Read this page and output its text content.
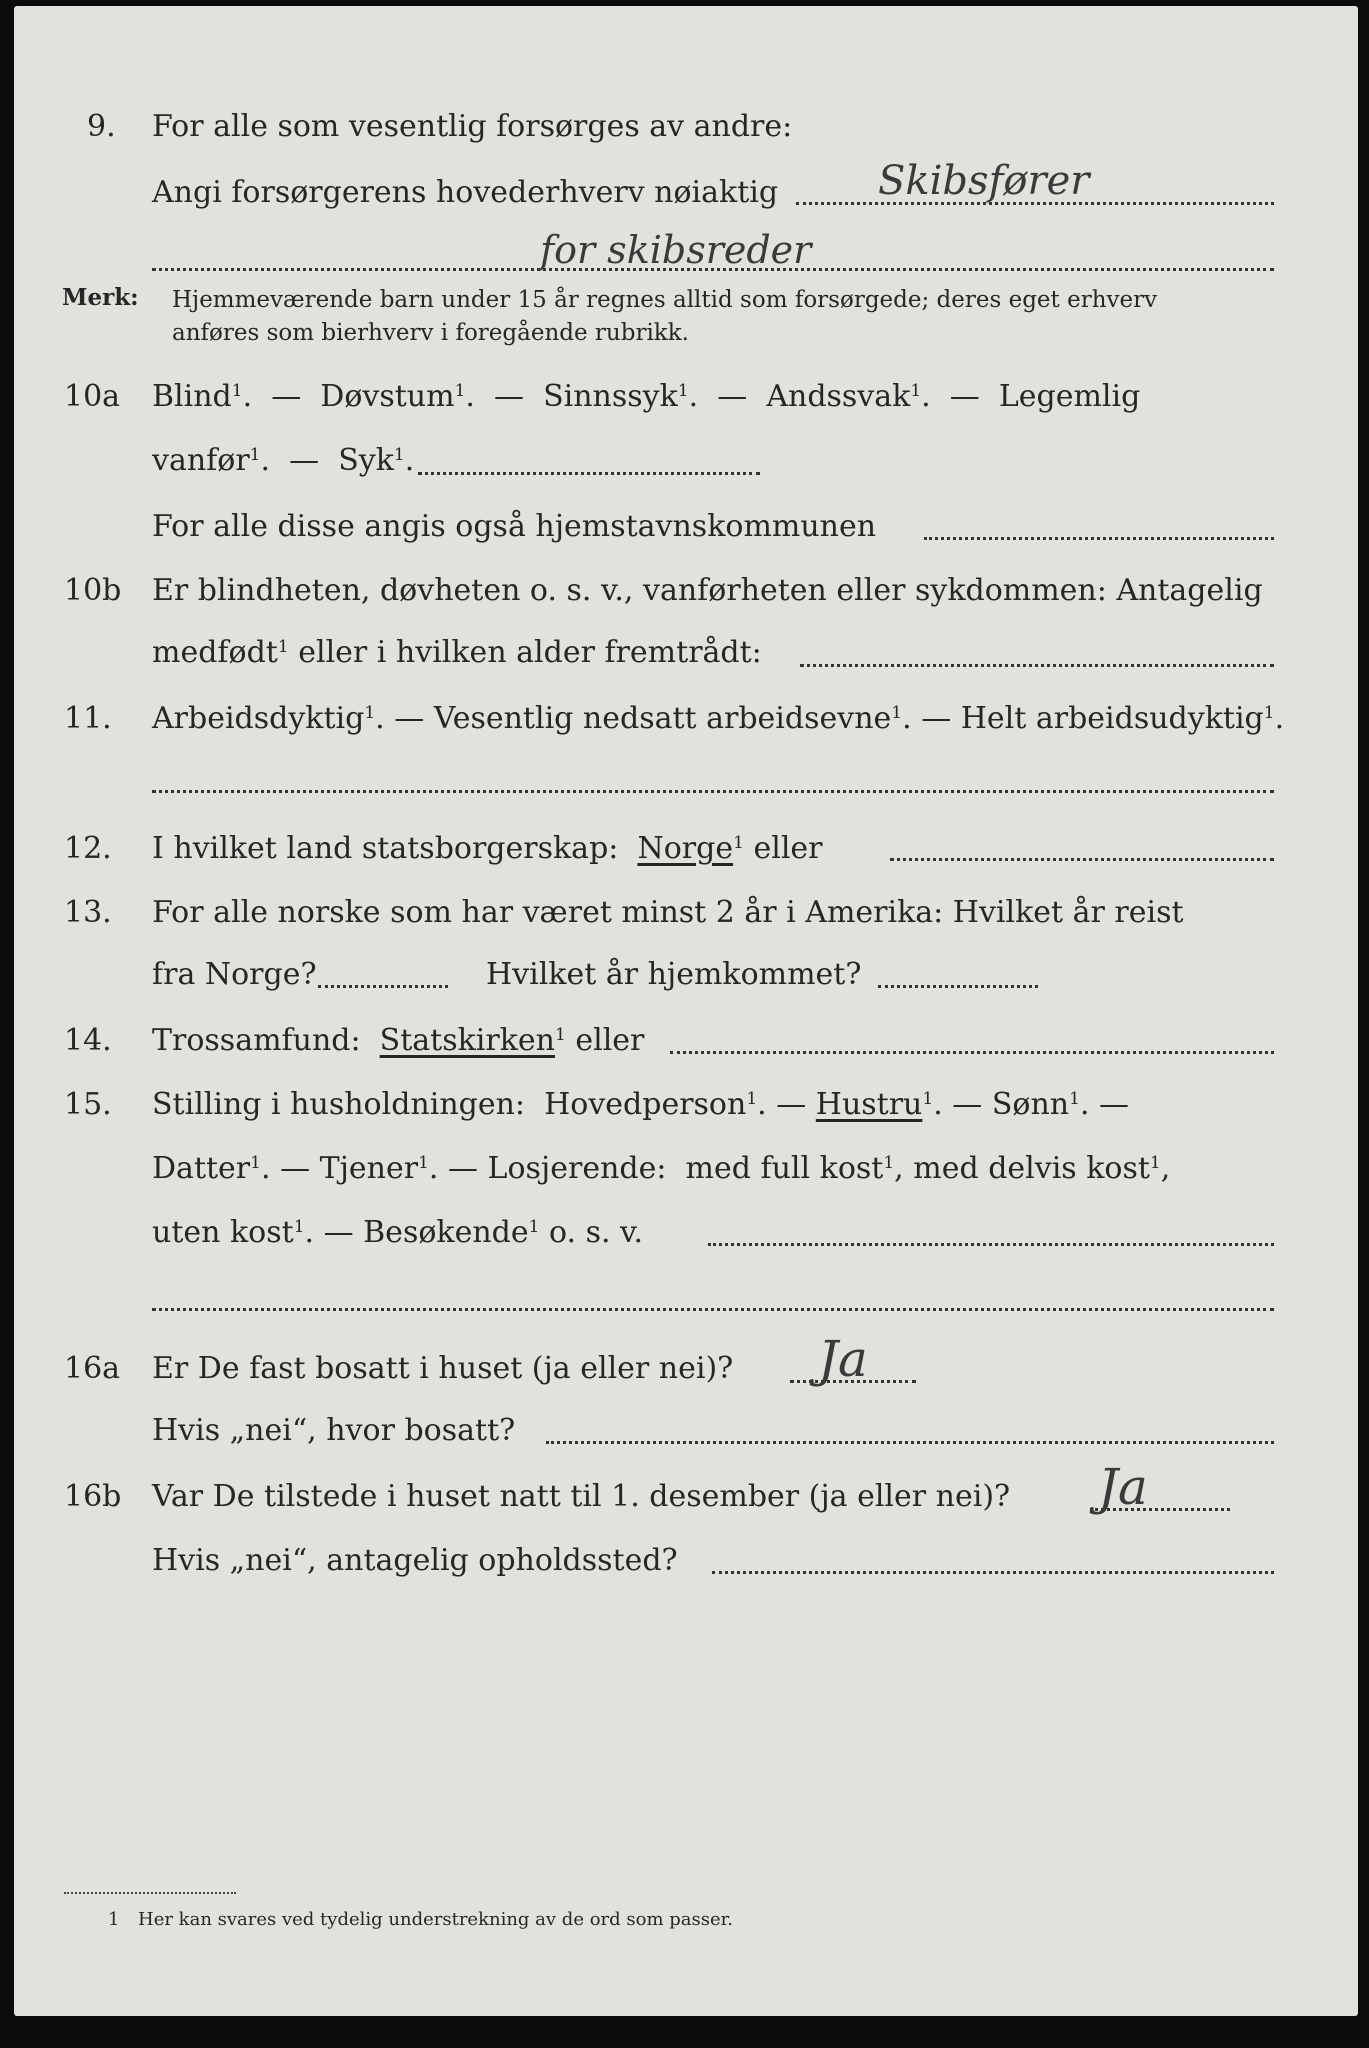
9. For alle som vesentlig forsørges av andre:
Angi forsørgerens hovederhverv nøiaktig Skibsfører
for skibsreder
Merk: Hjemmeværende barn under 15 år regnes alltid som forsørgede; deres eget erhverv
anføres som bierhverv i foregående rubrikk.
10a Blind$^1$.  — Døvstum$^1$.  — Sinnssyk$^1$.  — Andssvak$^1$.  — Legemlig
vanfør$^1$.  — Syk$^1$.
For alle disse angis også hjemstavnskommunen
10b Er blindheten, døvheten o. s. v., vanførheten eller sykdommen: Antagelig
medfødt$^1$ eller i hvilken alder fremtrådt:
11. Arbeidsdyktig$^1$. — Vesentlig nedsatt arbeidsevne$^1$. — Helt arbeidsudyktig$^1$.
12. I hvilket land statsborgerskap: Norge$^1$ eller
13. For alle norske som har været minst 2 år i Amerika: Hvilket år reist
fra Norge?	Hvilket år hjemkommet?
14. Trossamfund: Statskirken$^1$ eller
15. Stilling i husholdningen: Hovedperson$^1$. — Hustru$^1$. — Sønn$^1$. —
Datter$^1$. — Tjener$^1$. — Losjerende: med full kost$^1$, med delvis kost$^1$,
uten kost$^1$. — Besøkende$^1$ o. s. v.
16a Er De fast bosatt i huset (ja eller nei)? Ja
Hvis „nei“, hvor bosatt?
16b Var De tilstede i huset natt til 1. desember (ja eller nei)? Ja
Hvis „nei“, antagelig opholdssted?
1 Her kan svares ved tydelig understrekning av de ord som passer.
